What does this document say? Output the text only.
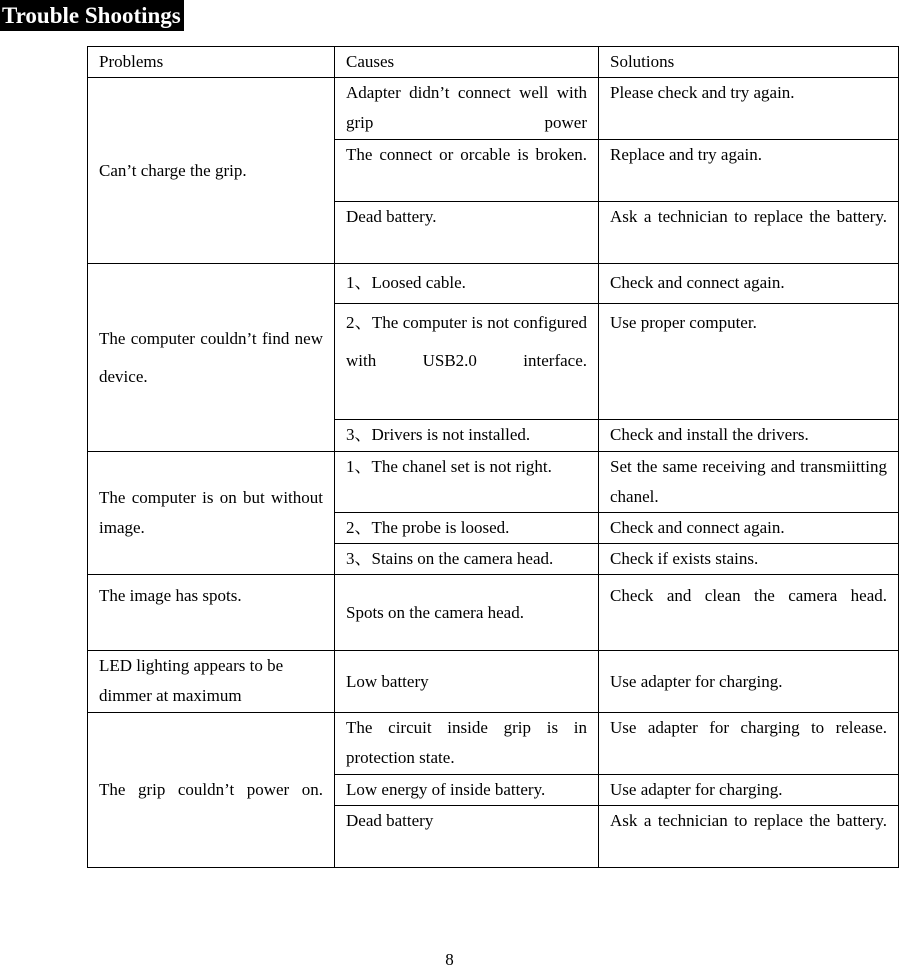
Trouble Shootings
Problems	Causes	Solutions
Can’t charge the grip.	Adapter didn’t connect well with grip power	Please check and try again.
	The connect or orcable is broken.	Replace and try again.
	Dead battery.	Ask a technician to replace the battery.
The computer couldn’t find new device.	1、Loosed cable.	Check and connect again.
	2、The computer is not configured with USB2.0 interface.	Use proper computer.
	3、Drivers is not installed.	Check and install the drivers.
The computer is on but without image.	1、The chanel set is not right.	Set the same receiving and transmiitting chanel.
	2、The probe is loosed.	Check and connect again.
	3、Stains on the camera head.	Check if exists stains.
The image has spots.	Spots on the camera head.	Check and clean the camera head.
LED lighting appears to be dimmer at maximum	Low battery	Use adapter for charging.
The grip couldn’t power on.	The circuit inside grip is in protection state.	Use adapter for charging to release.
	Low energy of inside battery.	Use adapter for charging.
	Dead battery	Ask a technician to replace the battery.
8
